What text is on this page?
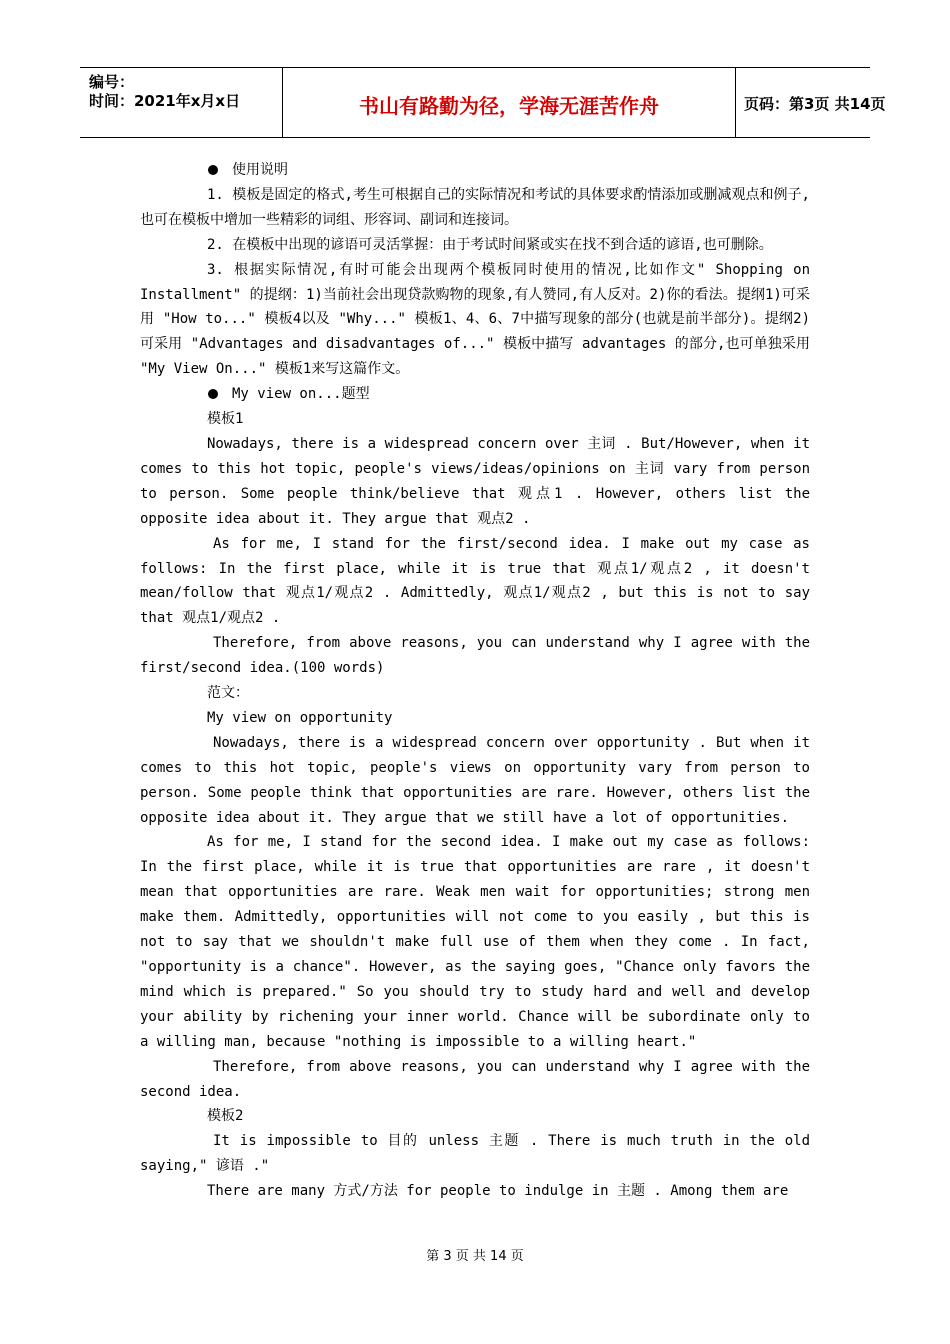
编号：
时间：2021年x月x日	书山有路勤为径，学海无涯苦作舟	页码：第3页 共14页

使用说明

1. 模板是固定的格式,考生可根据自己的实际情况和考试的具体要求酌情添加或删减观点和例子,也可在模板中增加一些精彩的词组、形容词、副词和连接词。

2. 在模板中出现的谚语可灵活掌握：由于考试时间紧或实在找不到合适的谚语,也可删除。

3. 根据实际情况,有时可能会出现两个模板同时使用的情况,比如作文" Shopping on Installment" 的提纲：1)当前社会出现贷款购物的现象,有人赞同,有人反对。2)你的看法。提纲1)可采用 "How to..." 模板4以及 "Why..." 模板1、4、6、7中描写现象的部分(也就是前半部分)。提纲2)可采用 "Advantages and disadvantages of..." 模板中描写 advantages 的部分,也可单独采用 "My View On..." 模板1来写这篇作文。

My view on...题型

模板1

Nowadays, there is a widespread concern over 主词 . But/However, when it comes to this hot topic, people's views/ideas/opinions on 主词 vary from person to person. Some people think/believe that 观点1 . However, others list the opposite idea about it. They argue that 观点2 .

As for me, I stand for the first/second idea. I make out my case as follows: In the first place, while it is true that 观点1/观点2 , it doesn't mean/follow that 观点1/观点2 . Admittedly, 观点1/观点2 , but this is not to say that 观点1/观点2 .

Therefore, from above reasons, you can understand why I agree with the first/second idea.(100 words)

范文：

My view on opportunity

Nowadays, there is a widespread concern over opportunity . But when it comes to this hot topic, people's views on opportunity vary from person to person. Some people think that opportunities are rare. However, others list the opposite idea about it. They argue that we still have a lot of opportunities.

As for me, I stand for the second idea. I make out my case as follows: In the first place, while it is true that opportunities are rare , it doesn't mean that opportunities are rare. Weak men wait for opportunities; strong men make them. Admittedly, opportunities will not come to you easily , but this is not to say that we shouldn't make full use of them when they come . In fact, "opportunity is a chance". However, as the saying goes, "Chance only favors the mind which is prepared." So you should try to study hard and well and develop your ability by richening your inner world. Chance will be subordinate only to a willing man, because "nothing is impossible to a willing heart."

Therefore, from above reasons, you can understand why I agree with the second idea.

模板2

It is impossible to 目的 unless 主题 . There is much truth in the old saying," 谚语 ."

There are many 方式/方法 for people to indulge in 主题 . Among them are

第 3 页 共 14 页
